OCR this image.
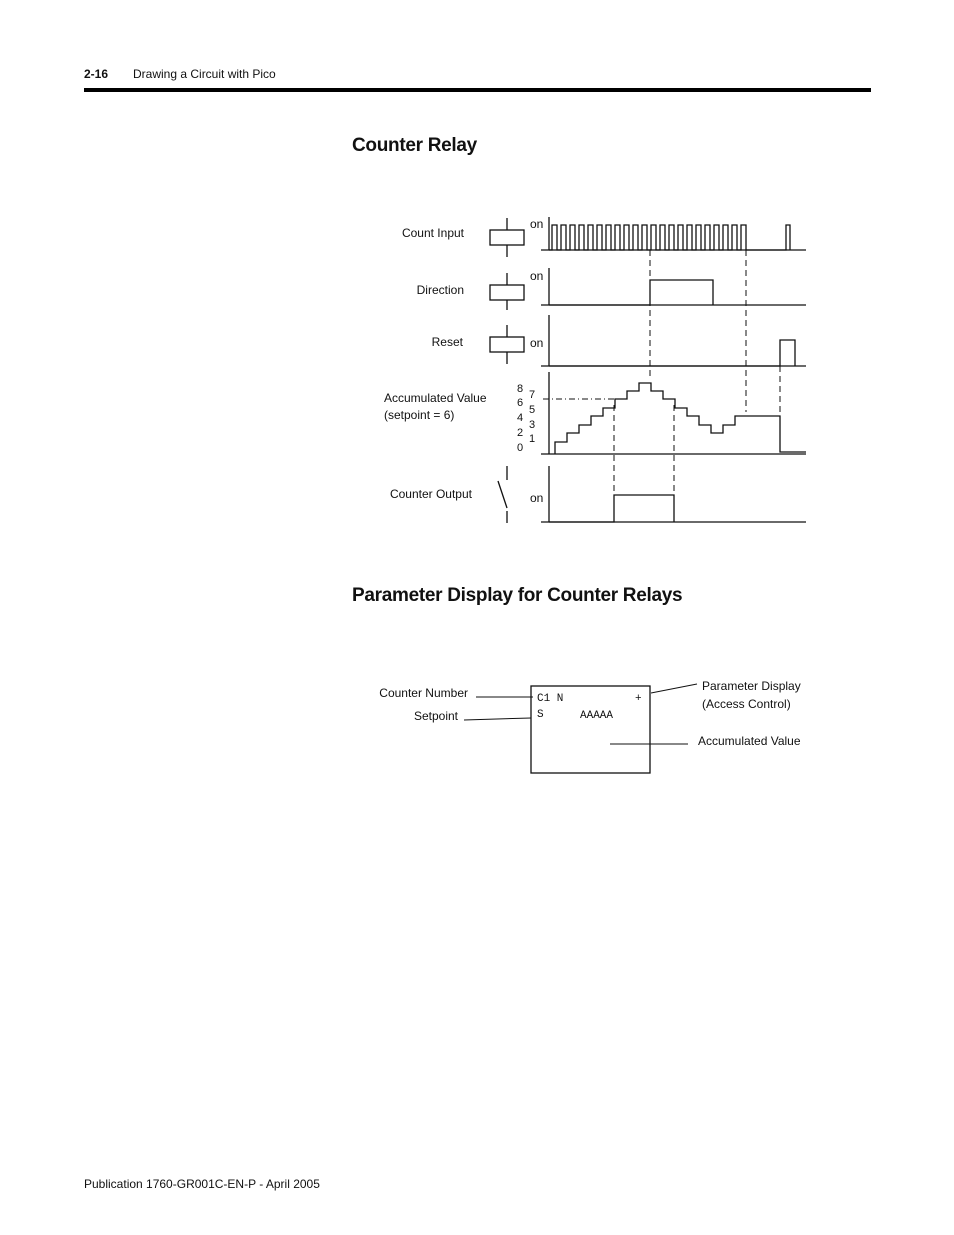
2-16 Drawing a Circuit with Pico
Counter Relay
Count Input
Direction
Reset
Accumulated Value
(setpoint = 6)
Counter Output
on
on
on
on
8
6
4
2
0
7
5
3
1
Counter Number
Setpoint
Parameter Display
(Access Control)
Accumulated Value
C1 N	+
S	AAAAA
Parameter Display for Counter Relays
Publication 1760-GR001C-EN-P - April 2005
